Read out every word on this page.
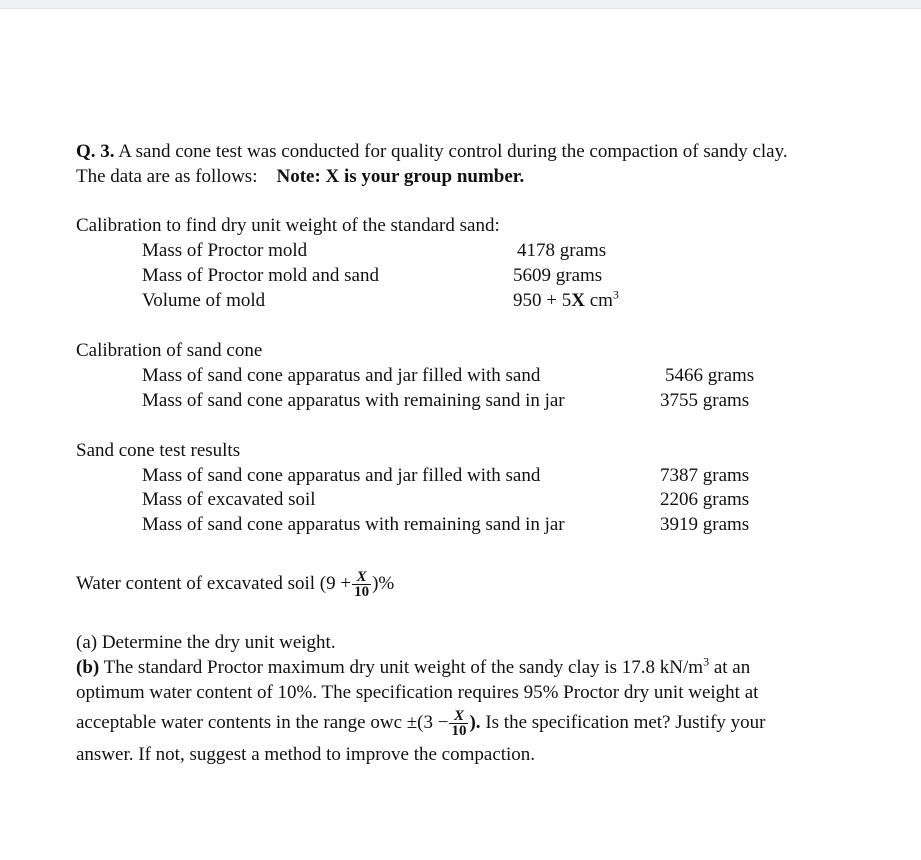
Q. 3. A sand cone test was conducted for quality control during the compaction of sandy clay.
The data are as follows: Note: X is your group number.
Calibration to find dry unit weight of the standard sand:
Mass of Proctor mold	4178 grams
Mass of Proctor mold and sand	5609 grams
Volume of mold	950 + 5X $cm^3$
Calibration of sand cone
Mass of sand cone apparatus and jar filled with sand	5466 grams
Mass of sand cone apparatus with remaining sand in jar	3755 grams
Sand cone test results
Mass of sand cone apparatus and jar filled with sand	7387 grams
Mass of excavated soil	2206 grams
Mass of sand cone apparatus with remaining sand in jar	3919 grams
Water content of excavated soil ($9 + \frac{X}{10}$ )%
(a) Determine the dry unit weight.
(b) The standard Proctor maximum dry unit weight of the sandy clay is 17.8 $kN/m^3$ at an
optimum water content of 10%. The specification requires 95% Proctor dry unit weight at
acceptable water contents in the range owc $\pm(3 - \frac{X}{10}$ ). Is the specification met? Justify your
answer. If not, suggest a method to improve the compaction.
